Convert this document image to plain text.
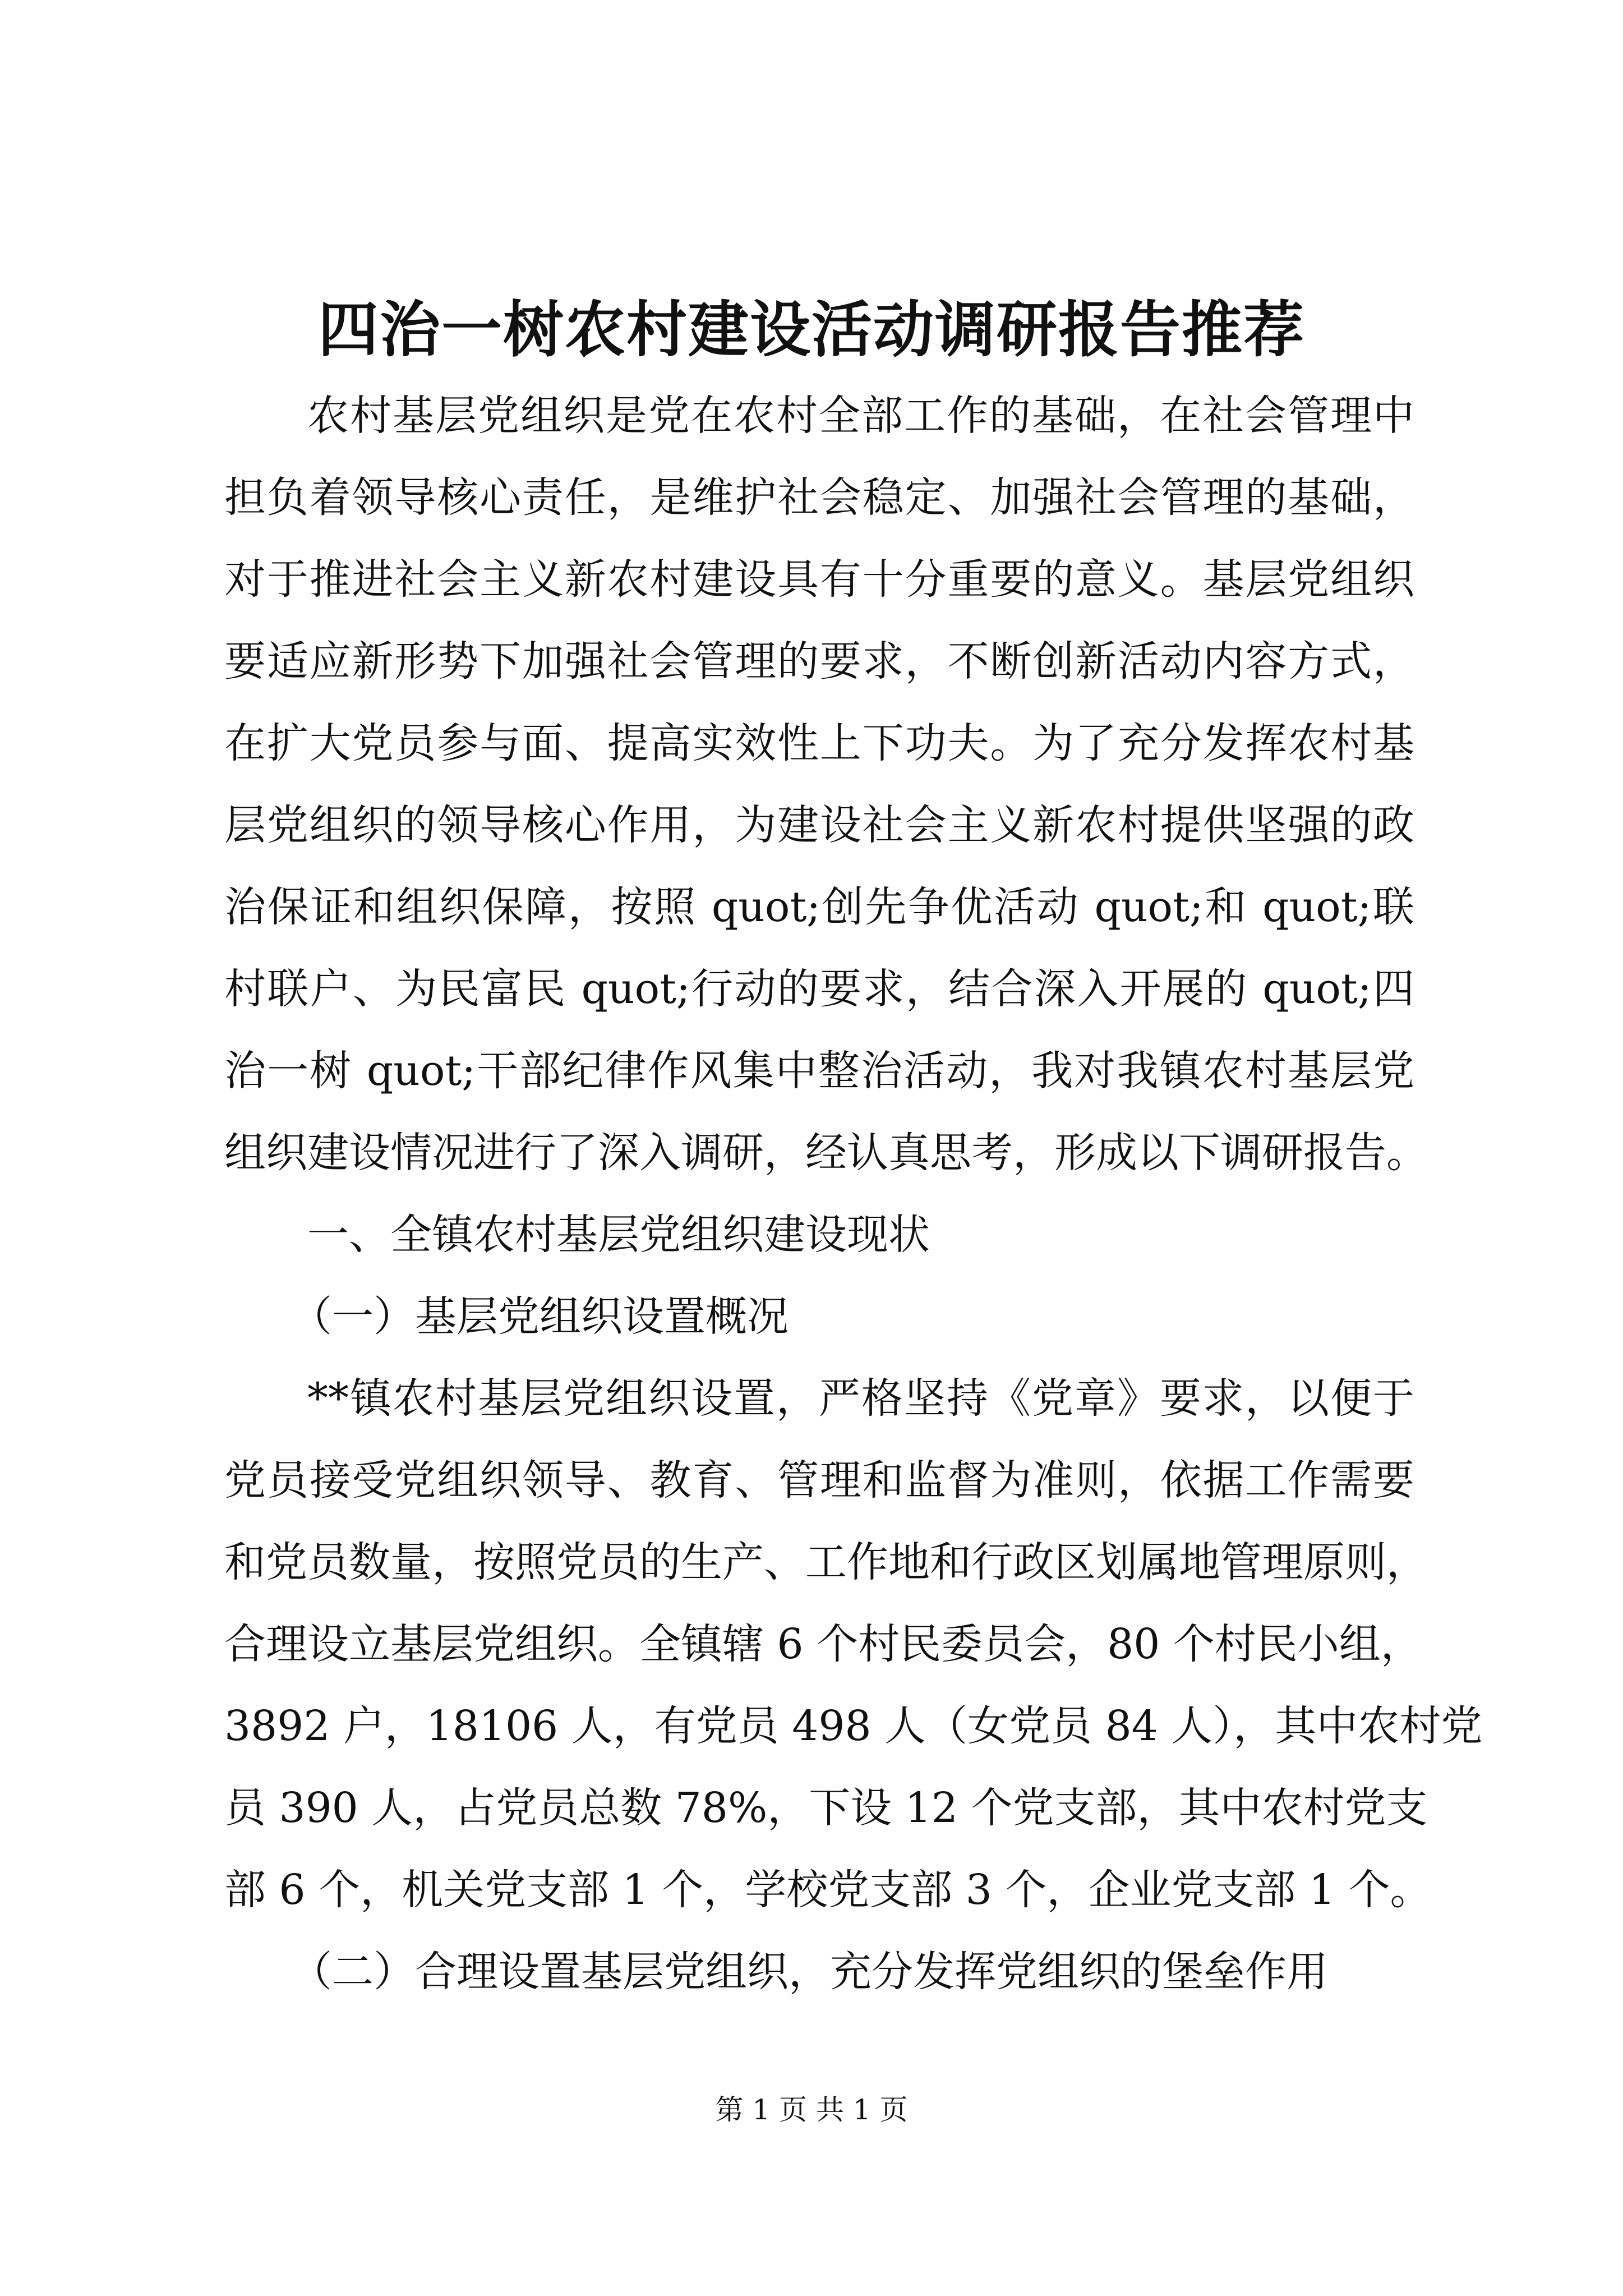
四治一树农村建设活动调研报告推荐
农村基层党组织是党在农村全部工作的基础，在社会管理中
担负着领导核心责任，是维护社会稳定、加强社会管理的基础，
对于推进社会主义新农村建设具有十分重要的意义。基层党组织
要适应新形势下加强社会管理的要求，不断创新活动内容方式，
在扩大党员参与面、提高实效性上下功夫。为了充分发挥农村基
层党组织的领导核心作用，为建设社会主义新农村提供坚强的政
治保证和组织保障，按照 quot;创先争优活动 quot;和 quot;联
村联户、为民富民 quot;行动的要求，结合深入开展的 quot;四
治一树 quot;干部纪律作风集中整治活动，我对我镇农村基层党
组织建设情况进行了深入调研，经认真思考，形成以下调研报告。
一、全镇农村基层党组织建设现状
（一）基层党组织设置概况
**镇农村基层党组织设置，严格坚持《党章》要求，以便于
党员接受党组织领导、教育、管理和监督为准则，依据工作需要
和党员数量，按照党员的生产、工作地和行政区划属地管理原则，
合理设立基层党组织。全镇辖 6 个村民委员会，80 个村民小组，
3892 户，18106 人，有党员 498 人（女党员 84 人），其中农村党
员 390 人，占党员总数 78%，下设 12 个党支部，其中农村党支
部 6 个，机关党支部 1 个，学校党支部 3 个，企业党支部 1 个。
（二）合理设置基层党组织，充分发挥党组织的堡垒作用
第 1 页 共 1 页
